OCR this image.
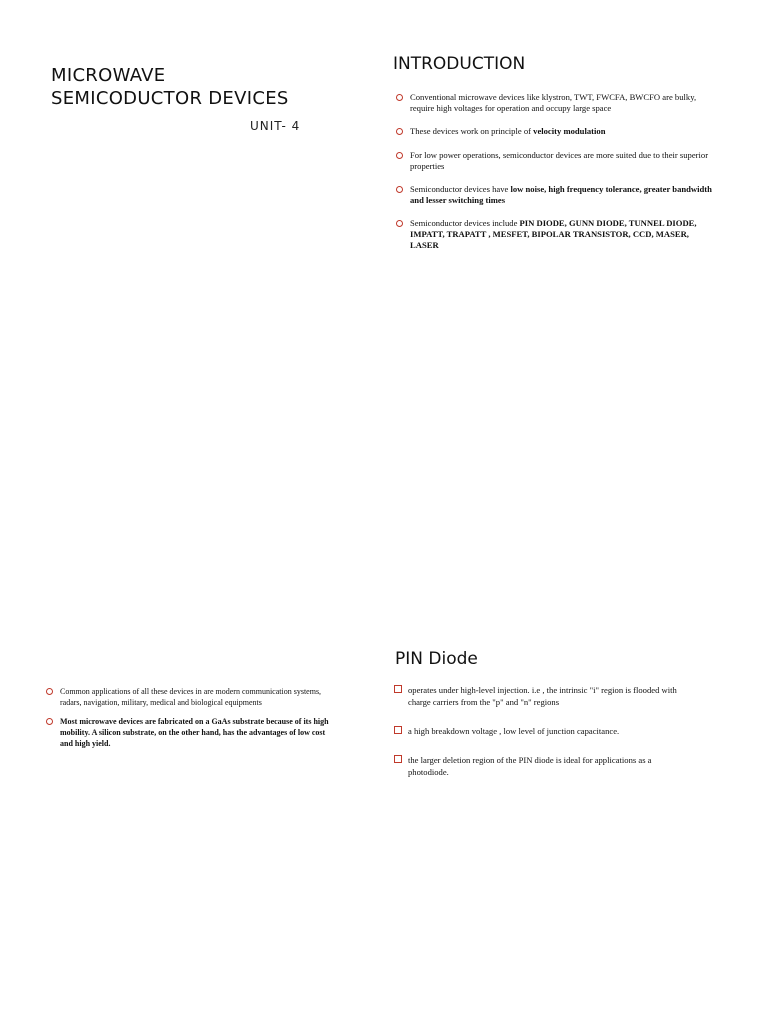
MICROWAVE
SEMICODUCTOR DEVICES
UNIT- 4
INTRODUCTION
Conventional microwave devices like klystron, TWT, FWCFA, BWCFO are bulky, require high voltages for operation and occupy large space
These devices work on principle of velocity modulation
For low power operations, semiconductor devices are more suited due to their superior properties
Semiconductor devices have low noise, high frequency tolerance, greater bandwidth and lesser switching times
Semiconductor devices include PIN DIODE, GUNN DIODE, TUNNEL DIODE, IMPATT, TRAPATT , MESFET, BIPOLAR TRANSISTOR, CCD, MASER, LASER
Common applications of all these devices in are modern communication systems, radars, navigation, military, medical and biological equipments
Most microwave devices are fabricated on a GaAs substrate because of its high mobility. A silicon substrate, on the other hand, has the advantages of low cost and high yield.
PIN Diode
operates under high-level injection. i.e , the intrinsic "i" region is flooded with charge carriers from the "p" and "n" regions
a high breakdown voltage , low level of junction capacitance.
the larger deletion region of the PIN diode is ideal for applications as a photodiode.
